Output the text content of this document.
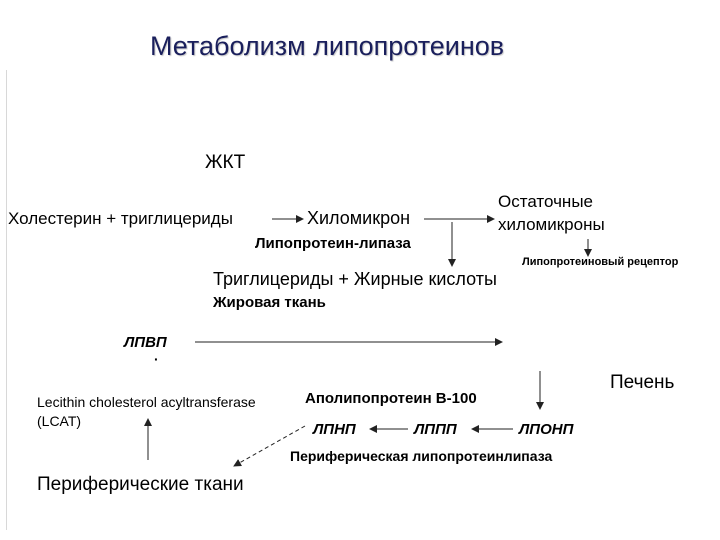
Метаболизм липопротеинов
ЖКТ
Холестерин + триглицериды	Хиломикрон
Липопротеин-липаза
Остаточные
хиломикроны
Липопротеиновый рецептор
Триглицериды + Жирные кислоты
Жировая ткань
ЛПВП
·
Lecithin cholesterol acyltransferase
(LCAT)
Аполипопротеин В-100
Печень
ЛПНП	ЛППП	ЛПОНП
Периферическая липопротеинлипаза
Периферические ткани
